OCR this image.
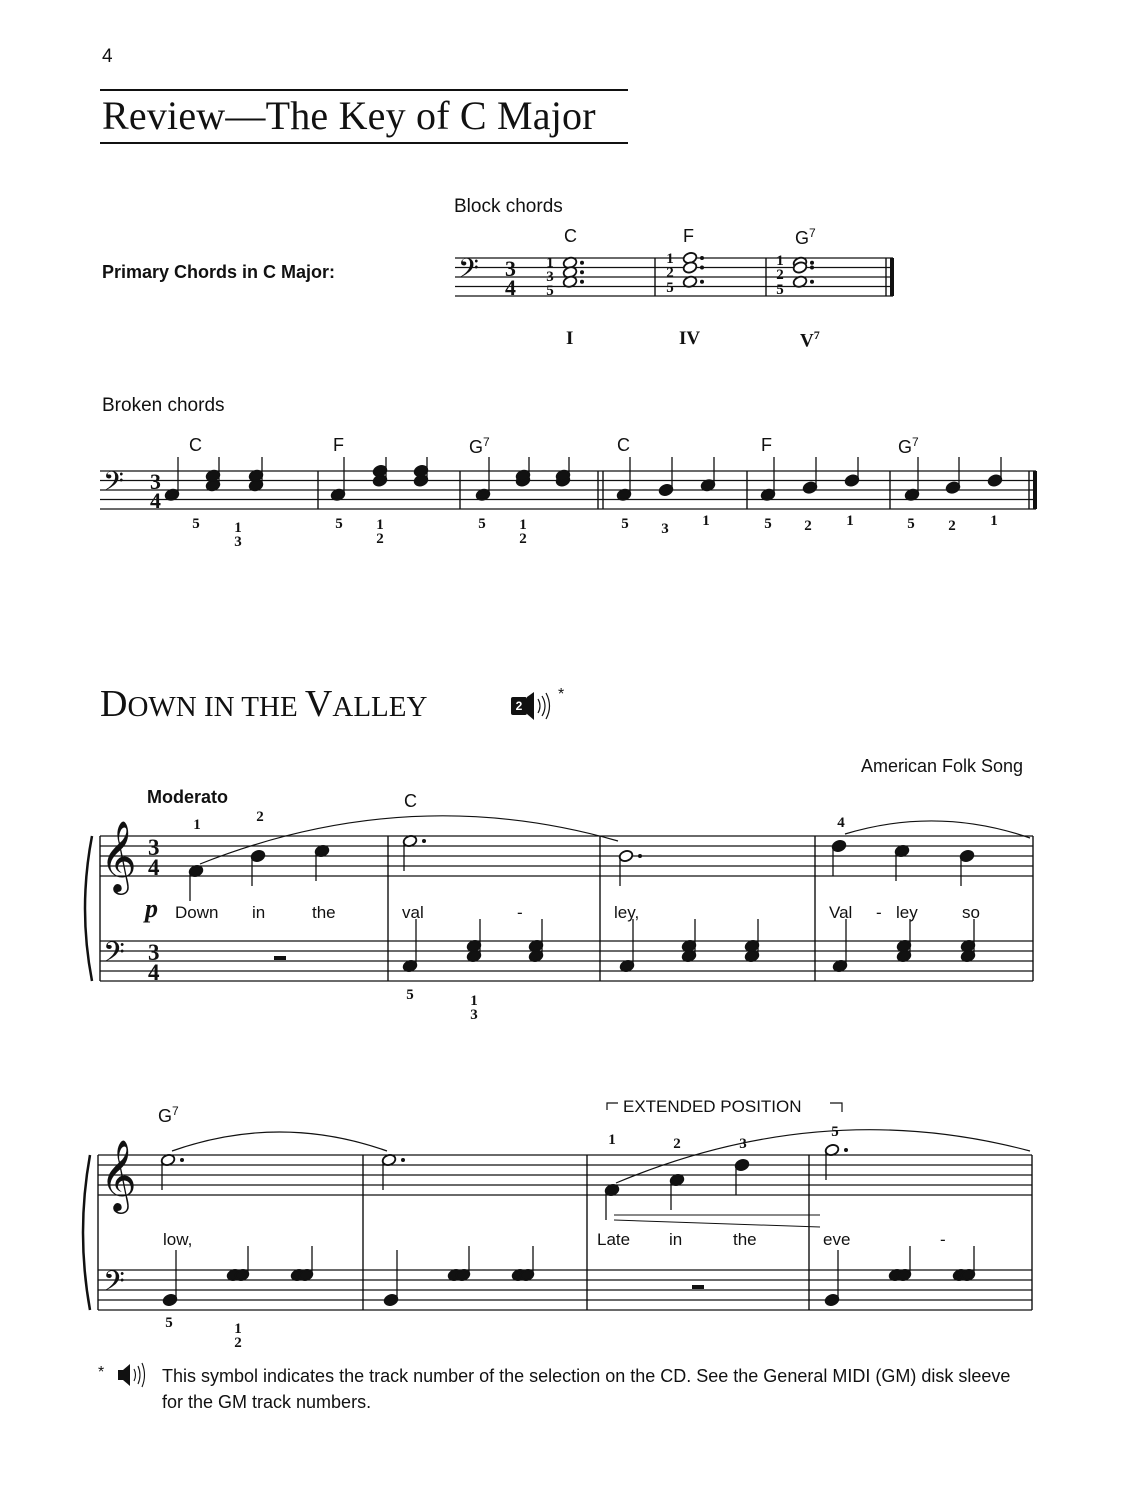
4
Review—The Key of C Major
Block chords
Primary Chords in C Major:
C	F	$G^7$
I	IV	$V^7$
1
3
5
1
2
5
1
2
5
Broken chords
C	F	$G^7$	C	F	$G^7$
5 1
3
5 1
2
5 1
2
5 3 1	5 2 1	5 2 1
DOWN IN THE VALLEY	2
*
American Folk Song
Moderato	C
p
1	2	4
5	1
3
Down in	the	val	-	ley,	Val - ley	so
$G^7$	EXTENDED POSITION
1	2	3
5
5	1
2
low,	Late in	the	eve	-
*	This symbol indicates the track number of the selection on the CD. See the General MIDI (GM) disk sleeve for the GM track numbers.
𝄢 3
4
𝄢 3
4
𝄞
𝄢
3
4
3
4
𝄞
𝄢
